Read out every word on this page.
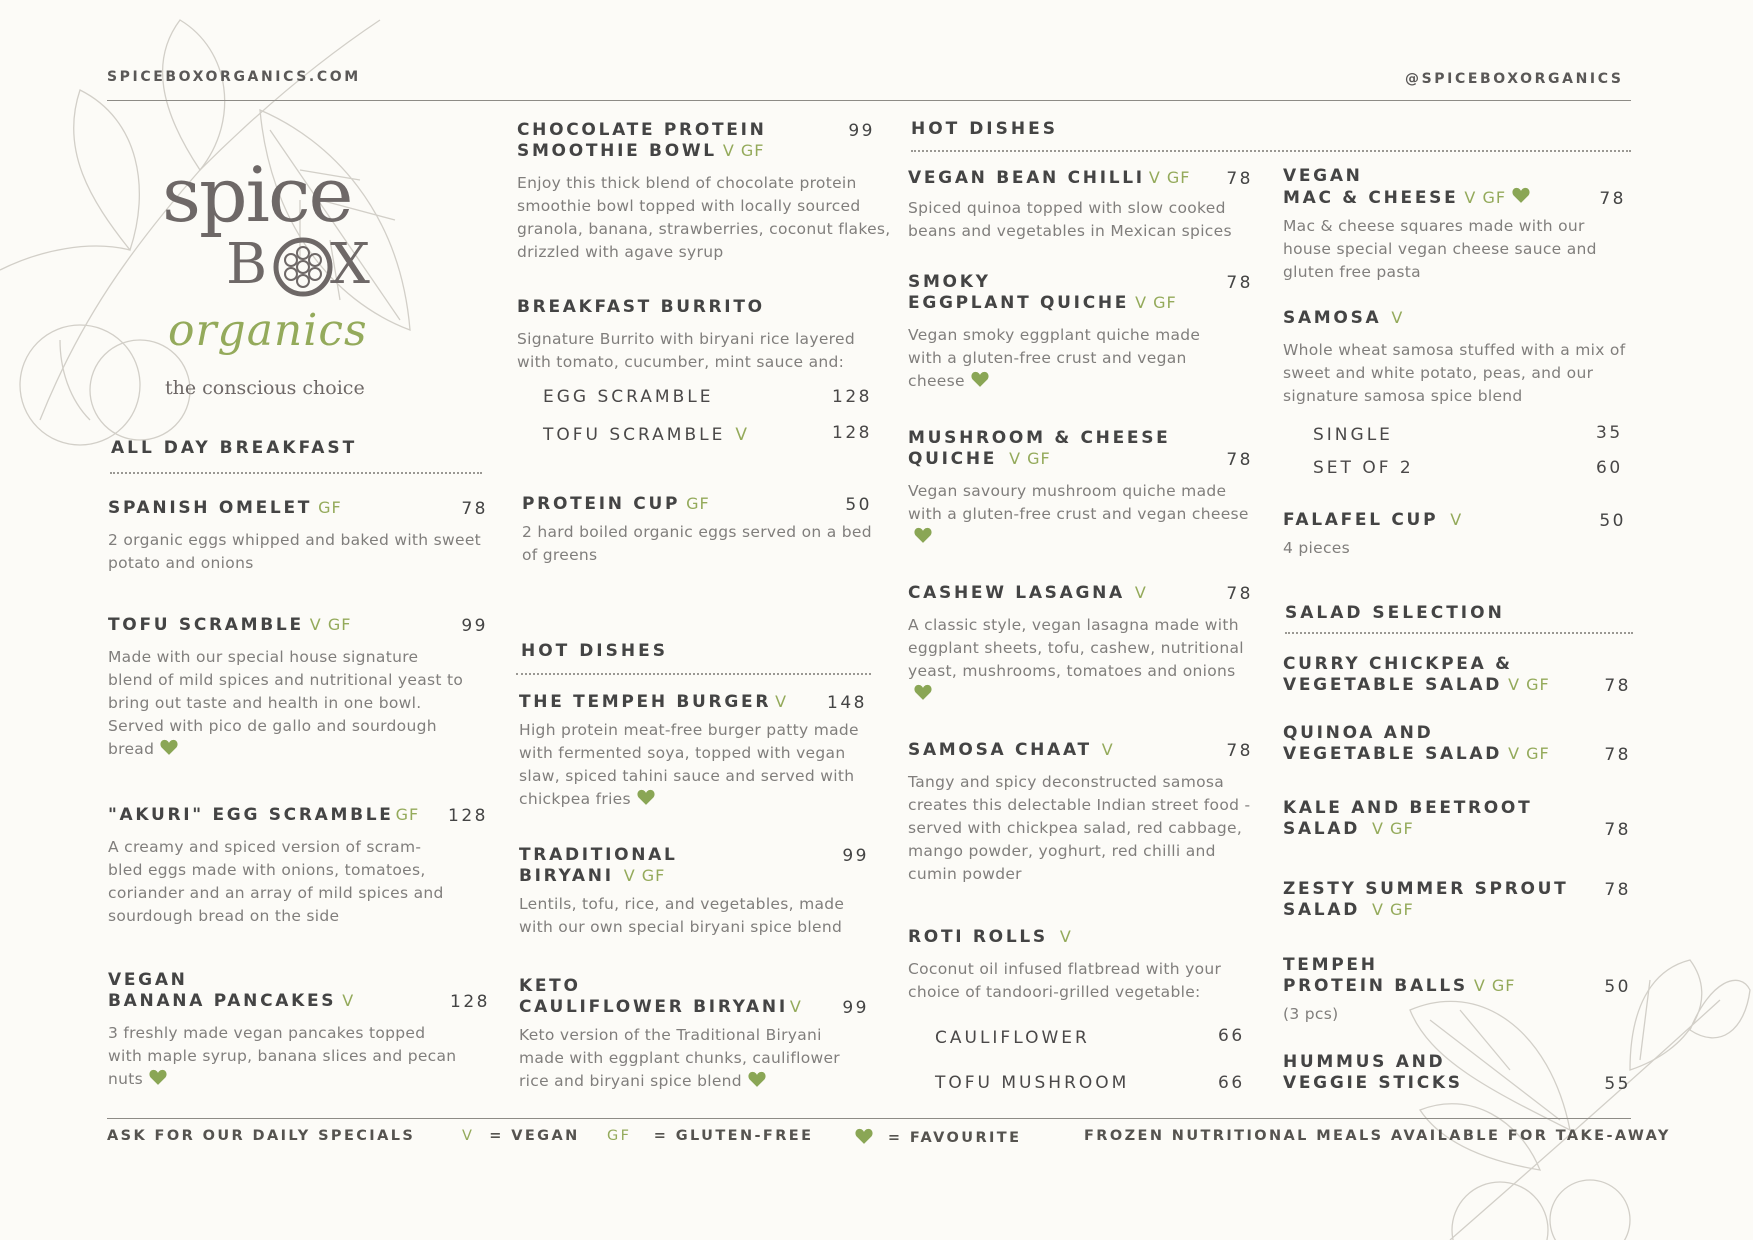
SPICEBOXORGANICS.COM	@SPICEBOXORGANICS
spice
B X
organics
the conscious choice
ALL DAY BREAKFAST
SPANISH OMELET GF	78
2 organic eggs whipped and baked with sweet potato and onions
TOFU SCRAMBLE V GF	99
Made with our special house signature blend of mild spices and nutritional yeast to bring out taste and health in one bowl. Served with pico de gallo and sourdough bread
"AKURI" EGG SCRAMBLE GF 128
A creamy and spiced version of scram-bled eggs made with onions, tomatoes, coriander and an array of mild spices and sourdough bread on the side
VEGAN
BANANA PANCAKES V	128
3 freshly made vegan pancakes topped with maple syrup, banana slices and pecan nuts
CHOCOLATE PROTEIN
SMOOTHIE BOWL V GF
99
Enjoy this thick blend of chocolate protein smoothie bowl topped with locally sourced granola, banana, strawberries, coconut flakes, drizzled with agave syrup
BREAKFAST BURRITO
Signature Burrito with biryani rice layered with tomato, cucumber, mint sauce and:
EGG SCRAMBLE	128
TOFU SCRAMBLE V	128
PROTEIN CUP GF	50
2 hard boiled organic eggs served on a bed of greens
HOT DISHES
THE TEMPEH BURGER V 148
High protein meat-free burger patty made with fermented soya, topped with vegan slaw, spiced tahini sauce and served with chickpea fries
TRADITIONAL
BIRYANI V GF
99
Lentils, tofu, rice, and vegetables, made with our own special biryani spice blend
KETO
CAULIFLOWER BIRYANI V 99
Keto version of the Traditional Biryani made with eggplant chunks, cauliflower rice and biryani spice blend
HOT DISHES
VEGAN BEAN CHILLI V GF 78
Spiced quinoa topped with slow cooked beans and vegetables in Mexican spices
SMOKY
EGGPLANT QUICHE V GF
78
Vegan smoky eggplant quiche made with a gluten-free crust and vegan cheese
MUSHROOM & CHEESE
QUICHE V GF	78
Vegan savoury mushroom quiche made with a gluten-free crust and vegan cheese
CASHEW LASAGNA V	78
A classic style, vegan lasagna made with eggplant sheets, tofu, cashew, nutritional yeast, mushrooms, tomatoes and onions
SAMOSA CHAAT V	78
Tangy and spicy deconstructed samosa creates this delectable Indian street food - served with chickpea salad, red cabbage, mango powder, yoghurt, red chilli and cumin powder
ROTI ROLLS V
Coconut oil infused flatbread with your choice of tandoori-grilled vegetable:
CAULIFLOWER	66
TOFU MUSHROOM	66
VEGAN
MAC & CHEESE V GF	78
Mac & cheese squares made with our house special vegan cheese sauce and gluten free pasta
SAMOSA V
Whole wheat samosa stuffed with a mix of sweet and white potato, peas, and our signature samosa spice blend
SINGLE	35
SET OF 2	60
FALAFEL CUP V	50
4 pieces
SALAD SELECTION
CURRY CHICKPEA &
VEGETABLE SALAD V GF	78
QUINOA AND
VEGETABLE SALAD V GF	78
KALE AND BEETROOT
SALAD V GF	78
ZESTY SUMMER SPROUT
SALAD V GF
78
TEMPEH
PROTEIN BALLS V GF	50
(3 pcs)
HUMMUS AND
VEGGIE STICKS	55
ASK FOR OUR DAILY SPECIALS	V = VEGAN GF = GLUTEN-FREE	= FAVOURITE	FROZEN NUTRITIONAL MEALS AVAILABLE FOR TAKE-AWAY
